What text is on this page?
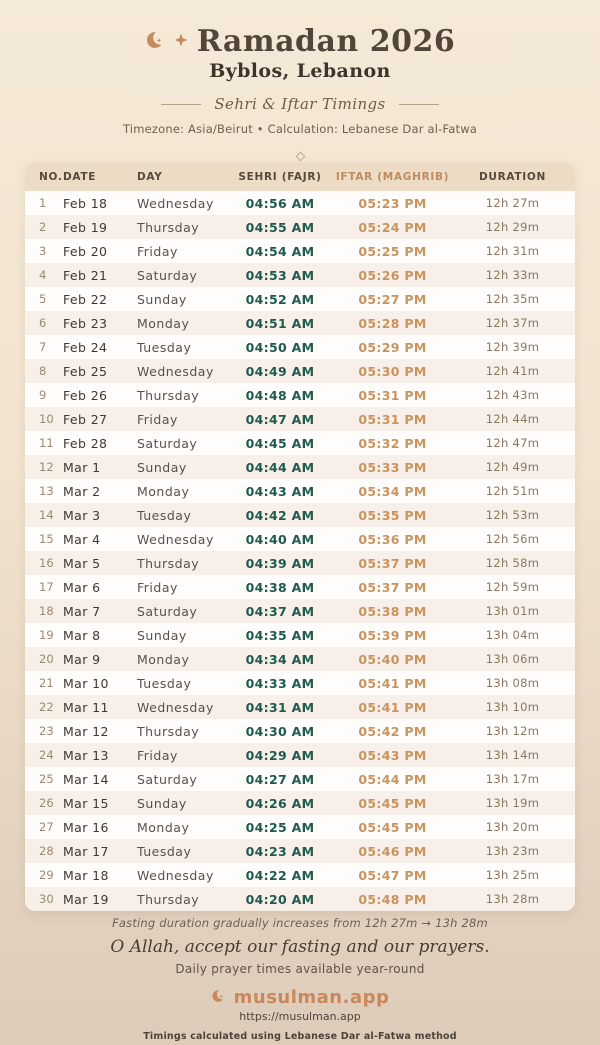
Ramadan 2026
Byblos, Lebanon
Sehri & Iftar Timings
Timezone: Asia/Beirut • Calculation: Lebanese Dar al-Fatwa
NO. DATE	DAY	SEHRI (FAJR)	IFTAR (MAGHRIB)	DURATION
1	Feb 18	Wednesday	04:56 AM	05:23 PM	12h 27m
2	Feb 19	Thursday	04:55 AM	05:24 PM	12h 29m
3	Feb 20	Friday	04:54 AM	05:25 PM	12h 31m
4	Feb 21	Saturday	04:53 AM	05:26 PM	12h 33m
5	Feb 22	Sunday	04:52 AM	05:27 PM	12h 35m
6	Feb 23	Monday	04:51 AM	05:28 PM	12h 37m
7	Feb 24	Tuesday	04:50 AM	05:29 PM	12h 39m
8	Feb 25	Wednesday	04:49 AM	05:30 PM	12h 41m
9	Feb 26	Thursday	04:48 AM	05:31 PM	12h 43m
10 Feb 27	Friday	04:47 AM	05:31 PM	12h 44m
11 Feb 28	Saturday	04:45 AM	05:32 PM	12h 47m
12 Mar 1	Sunday	04:44 AM	05:33 PM	12h 49m
13 Mar 2	Monday	04:43 AM	05:34 PM	12h 51m
14 Mar 3	Tuesday	04:42 AM	05:35 PM	12h 53m
15 Mar 4	Wednesday	04:40 AM	05:36 PM	12h 56m
16 Mar 5	Thursday	04:39 AM	05:37 PM	12h 58m
17 Mar 6	Friday	04:38 AM	05:37 PM	12h 59m
18 Mar 7	Saturday	04:37 AM	05:38 PM	13h 01m
19 Mar 8	Sunday	04:35 AM	05:39 PM	13h 04m
20 Mar 9	Monday	04:34 AM	05:40 PM	13h 06m
21 Mar 10	Tuesday	04:33 AM	05:41 PM	13h 08m
22 Mar 11	Wednesday	04:31 AM	05:41 PM	13h 10m
23 Mar 12	Thursday	04:30 AM	05:42 PM	13h 12m
24 Mar 13	Friday	04:29 AM	05:43 PM	13h 14m
25 Mar 14	Saturday	04:27 AM	05:44 PM	13h 17m
26 Mar 15	Sunday	04:26 AM	05:45 PM	13h 19m
27 Mar 16	Monday	04:25 AM	05:45 PM	13h 20m
28 Mar 17	Tuesday	04:23 AM	05:46 PM	13h 23m
29 Mar 18	Wednesday	04:22 AM	05:47 PM	13h 25m
30 Mar 19	Thursday	04:20 AM	05:48 PM	13h 28m
Fasting duration gradually increases from 12h 27m → 13h 28m
O Allah, accept our fasting and our prayers.
Daily prayer times available year-round
musulman.app
https://musulman.app
Timings calculated using Lebanese Dar al-Fatwa method
